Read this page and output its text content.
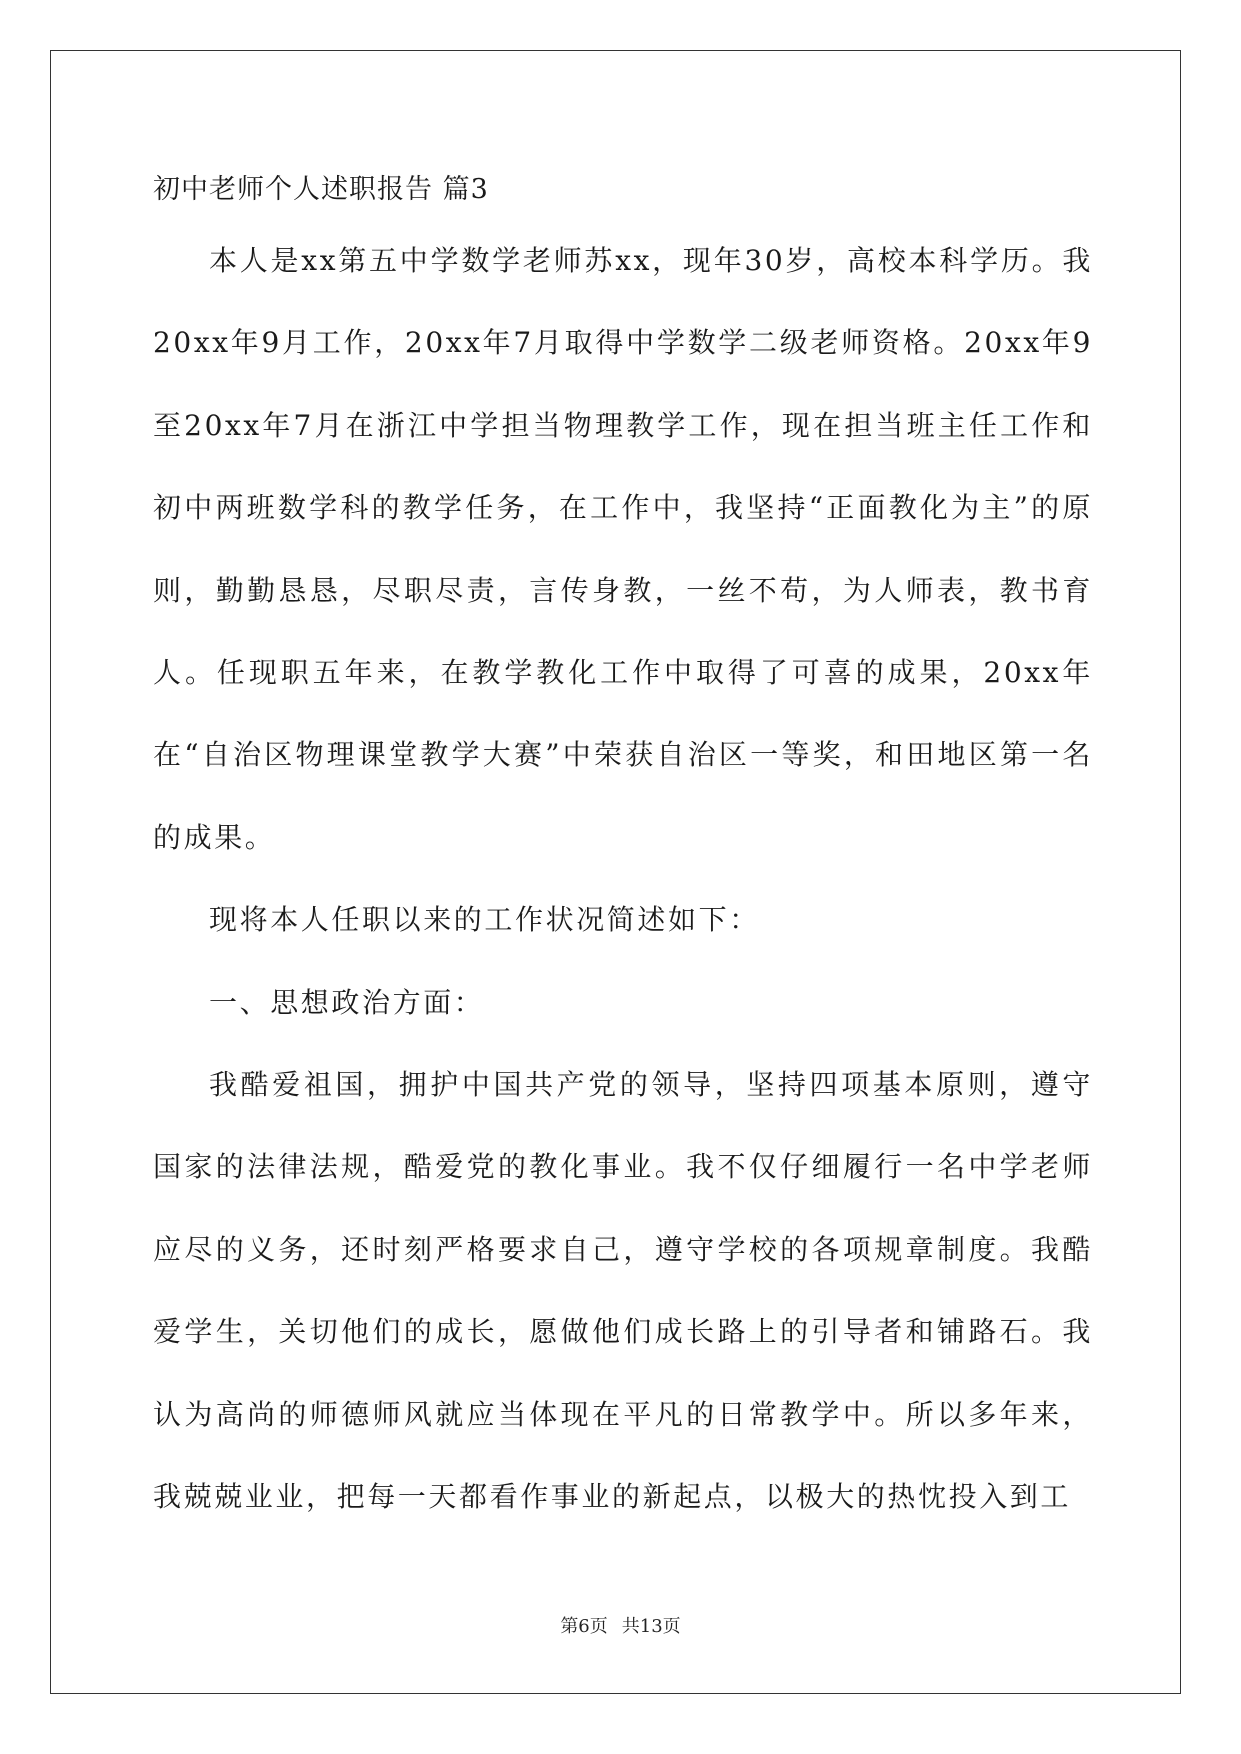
初中老师个人述职报告 篇3

本人是xx第五中学数学老师苏xx，现年30岁，高校本科学历。我20xx年9月工作，20xx年7月取得中学数学二级老师资格。20xx年9至20xx年7月在浙江中学担当物理教学工作，现在担当班主任工作和初中两班数学科的教学任务，在工作中，我坚持“正面教化为主”的原则，勤勤恳恳，尽职尽责，言传身教，一丝不苟，为人师表，教书育人。任现职五年来，在教学教化工作中取得了可喜的成果，20xx年在“自治区物理课堂教学大赛”中荣获自治区一等奖，和田地区第一名的成果。

现将本人任职以来的工作状况简述如下：

一、思想政治方面：

我酷爱祖国，拥护中国共产党的领导，坚持四项基本原则，遵守国家的法律法规，酷爱党的教化事业。我不仅仔细履行一名中学老师应尽的义务，还时刻严格要求自己，遵守学校的各项规章制度。我酷爱学生，关切他们的成长，愿做他们成长路上的引导者和铺路石。我认为高尚的师德师风就应当体现在平凡的日常教学中。所以多年来，我兢兢业业，把每一天都看作事业的新起点，以极大的热忱投入到工

第6页 共13页
